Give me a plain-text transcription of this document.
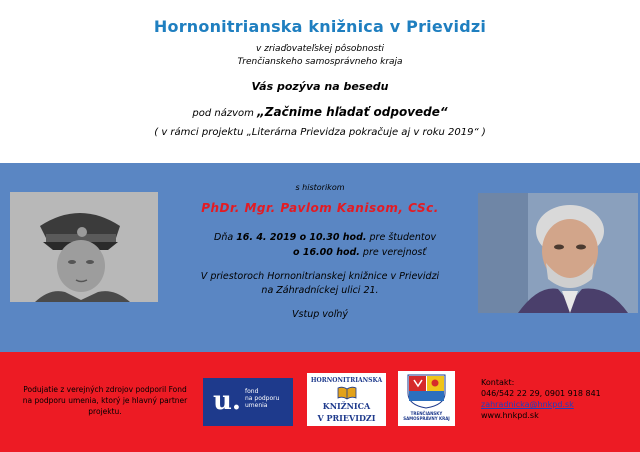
Hornonitrianska knižnica v Prievidzi
v zriaďovateľskej pôsobnosti
Trenčianskeho samosprávneho kraja
Vás pozýva na besedu
pod názvom „Začnime hľadať odpovede“
( v rámci projektu „Literárna Prievidza pokračuje aj v roku 2019“ )
s historikom
PhDr. Mgr. Pavlom Kanisom, CSc.
Dňa 16. 4. 2019 o 10.30 hod. pre študentov
o 16.00 hod. pre verejnosť
V priestoroch Hornonitrianskej knižnice v Prievidzi
na Záhradníckej ulici 21.
Vstup voľný
Podujatie z verejných zdrojov podporil Fond na podporu umenia, ktorý je hlavný partner projektu.	u. fond
na podporu
umenia
HORNONITRIANSKA
KNIŽNICA
V PRIEVIDZI	TRENČIANSKY SAMOSPRÁVNY KRAJ
Kontakt:
046/542 22 29, 0901 918 841
zahradnicka@hnkpd.sk
www.hnkpd.sk
